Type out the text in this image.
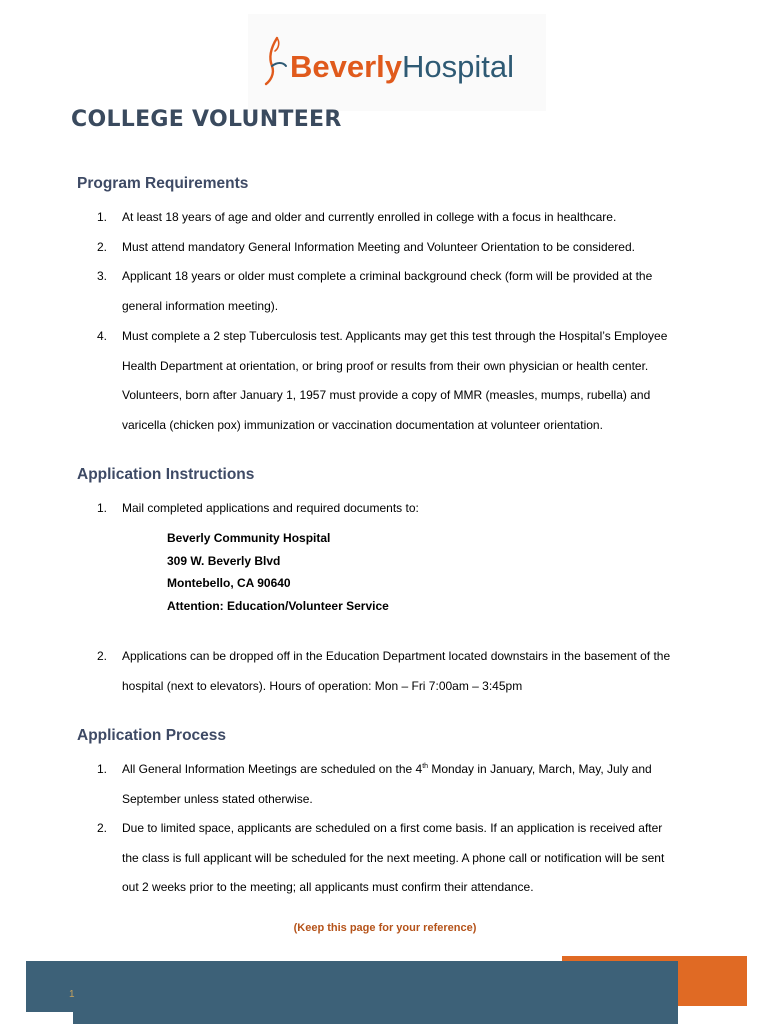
BeverlyHospital
COLLEGE VOLUNTEER
Program Requirements
1.	At least 18 years of age and older and currently enrolled in college with a focus in healthcare.
2.	Must attend mandatory General Information Meeting and Volunteer Orientation to be considered.
3.	Applicant 18 years or older must complete a criminal background check (form will be provided at the
general information meeting).
4.	Must complete a 2 step Tuberculosis test. Applicants may get this test through the Hospital’s Employee
Health Department at orientation, or bring proof or results from their own physician or health center.
Volunteers, born after January 1, 1957 must provide a copy of MMR (measles, mumps, rubella) and
varicella (chicken pox) immunization or vaccination documentation at volunteer orientation.
Application Instructions
1.	Mail completed applications and required documents to:
Beverly Community Hospital
309 W. Beverly Blvd
Montebello, CA 90640
Attention: Education/Volunteer Service
2.	Applications can be dropped off in the Education Department located downstairs in the basement of the
hospital (next to elevators). Hours of operation: Mon – Fri 7:00am – 3:45pm
Application Process
1.	All General Information Meetings are scheduled on the 4th Monday in January, March, May, July and
September unless stated otherwise.
2.	Due to limited space, applicants are scheduled on a first come basis. If an application is received after
the class is full applicant will be scheduled for the next meeting. A phone call or notification will be sent
out 2 weeks prior to the meeting; all applicants must confirm their attendance.
(Keep this page for your reference)
1
